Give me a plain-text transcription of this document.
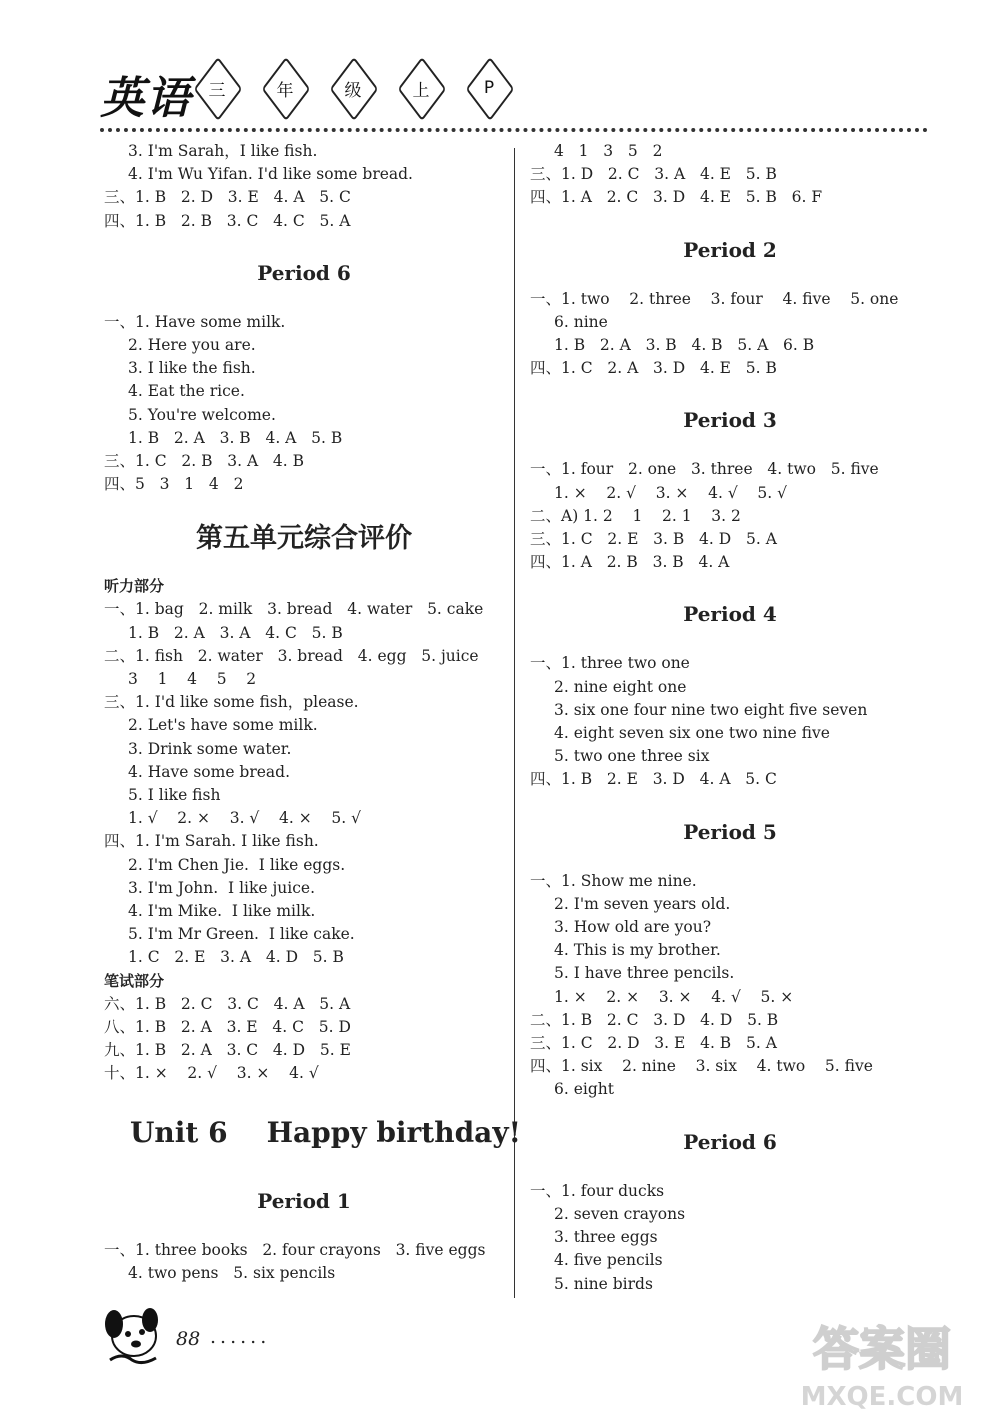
英语 三	年	级	上	P
3. I'm Sarah，I like fish.
4. I'm Wu Yifan. I'd like some bread.
三、1. B   2. D   3. E   4. A   5. C
四、1. B   2. B   3. C   4. C   5. A
Period 6
一、1. Have some milk.
2. Here you are.
3. I like the fish.
4. Eat the rice.
5. You're welcome.
1. B   2. A   3. B   4. A   5. B
三、1. C   2. B   3. A   4. B
四、5   3   1   4   2
第五单元综合评价
听力部分
一、1. bag   2. milk   3. bread   4. water   5. cake
1. B   2. A   3. A   4. C   5. B
二、1. fish   2. water   3. bread   4. egg   5. juice
3    1    4    5    2
三、1. I'd like some fish，please.
2. Let's have some milk.
3. Drink some water.
4. Have some bread.
5. I like fish
1. √    2. ×    3. √    4. ×    5. √
四、1. I'm Sarah. I like fish.
2. I'm Chen Jie.  I like eggs.
3. I'm John.  I like juice.
4. I'm Mike.  I like milk.
5. I'm Mr Green.  I like cake.
1. C   2. E   3. A   4. D   5. B
笔试部分
六、1. B   2. C   3. C   4. A   5. A
八、1. B   2. A   3. E   4. C   5. D
九、1. B   2. A   3. C   4. D   5. E
十、1. ×    2. √    3. ×    4. √
Unit 6    Happy birthday!
Period 1
一、1. three books   2. four crayons   3. five eggs
4. two pens   5. six pencils
4   1   3   5   2
三、1. D   2. C   3. A   4. E   5. B
四、1. A   2. C   3. D   4. E   5. B   6. F
Period 2
一、1. two    2. three    3. four    4. five    5. one
6. nine
1. B   2. A   3. B   4. B   5. A   6. B
四、1. C   2. A   3. D   4. E   5. B
Period 3
一、1. four   2. one   3. three   4. two   5. five
1. ×    2. √    3. ×    4. √    5. √
二、A) 1. 2    1    2. 1    3. 2
三、1. C   2. E   3. B   4. D   5. A
四、1. A   2. B   3. B   4. A
Period 4
一、1. three two one
2. nine eight one
3. six one four nine two eight five seven
4. eight seven six one two nine five
5. two one three six
四、1. B   2. E   3. D   4. A   5. C
Period 5
一、1. Show me nine.
2. I'm seven years old.
3. How old are you?
4. This is my brother.
5. I have three pencils.
1. ×    2. ×    3. ×    4. √    5. ×
二、1. B   2. C   3. D   4. D   5. B
三、1. C   2. D   3. E   4. B   5. A
四、1. six    2. nine    3. six    4. two    5. five
6. eight
Period 6
一、1. four ducks
2. seven crayons
3. three eggs
4. five pencils
5. nine birds
88 ......	答案圈
MXQE.COM
